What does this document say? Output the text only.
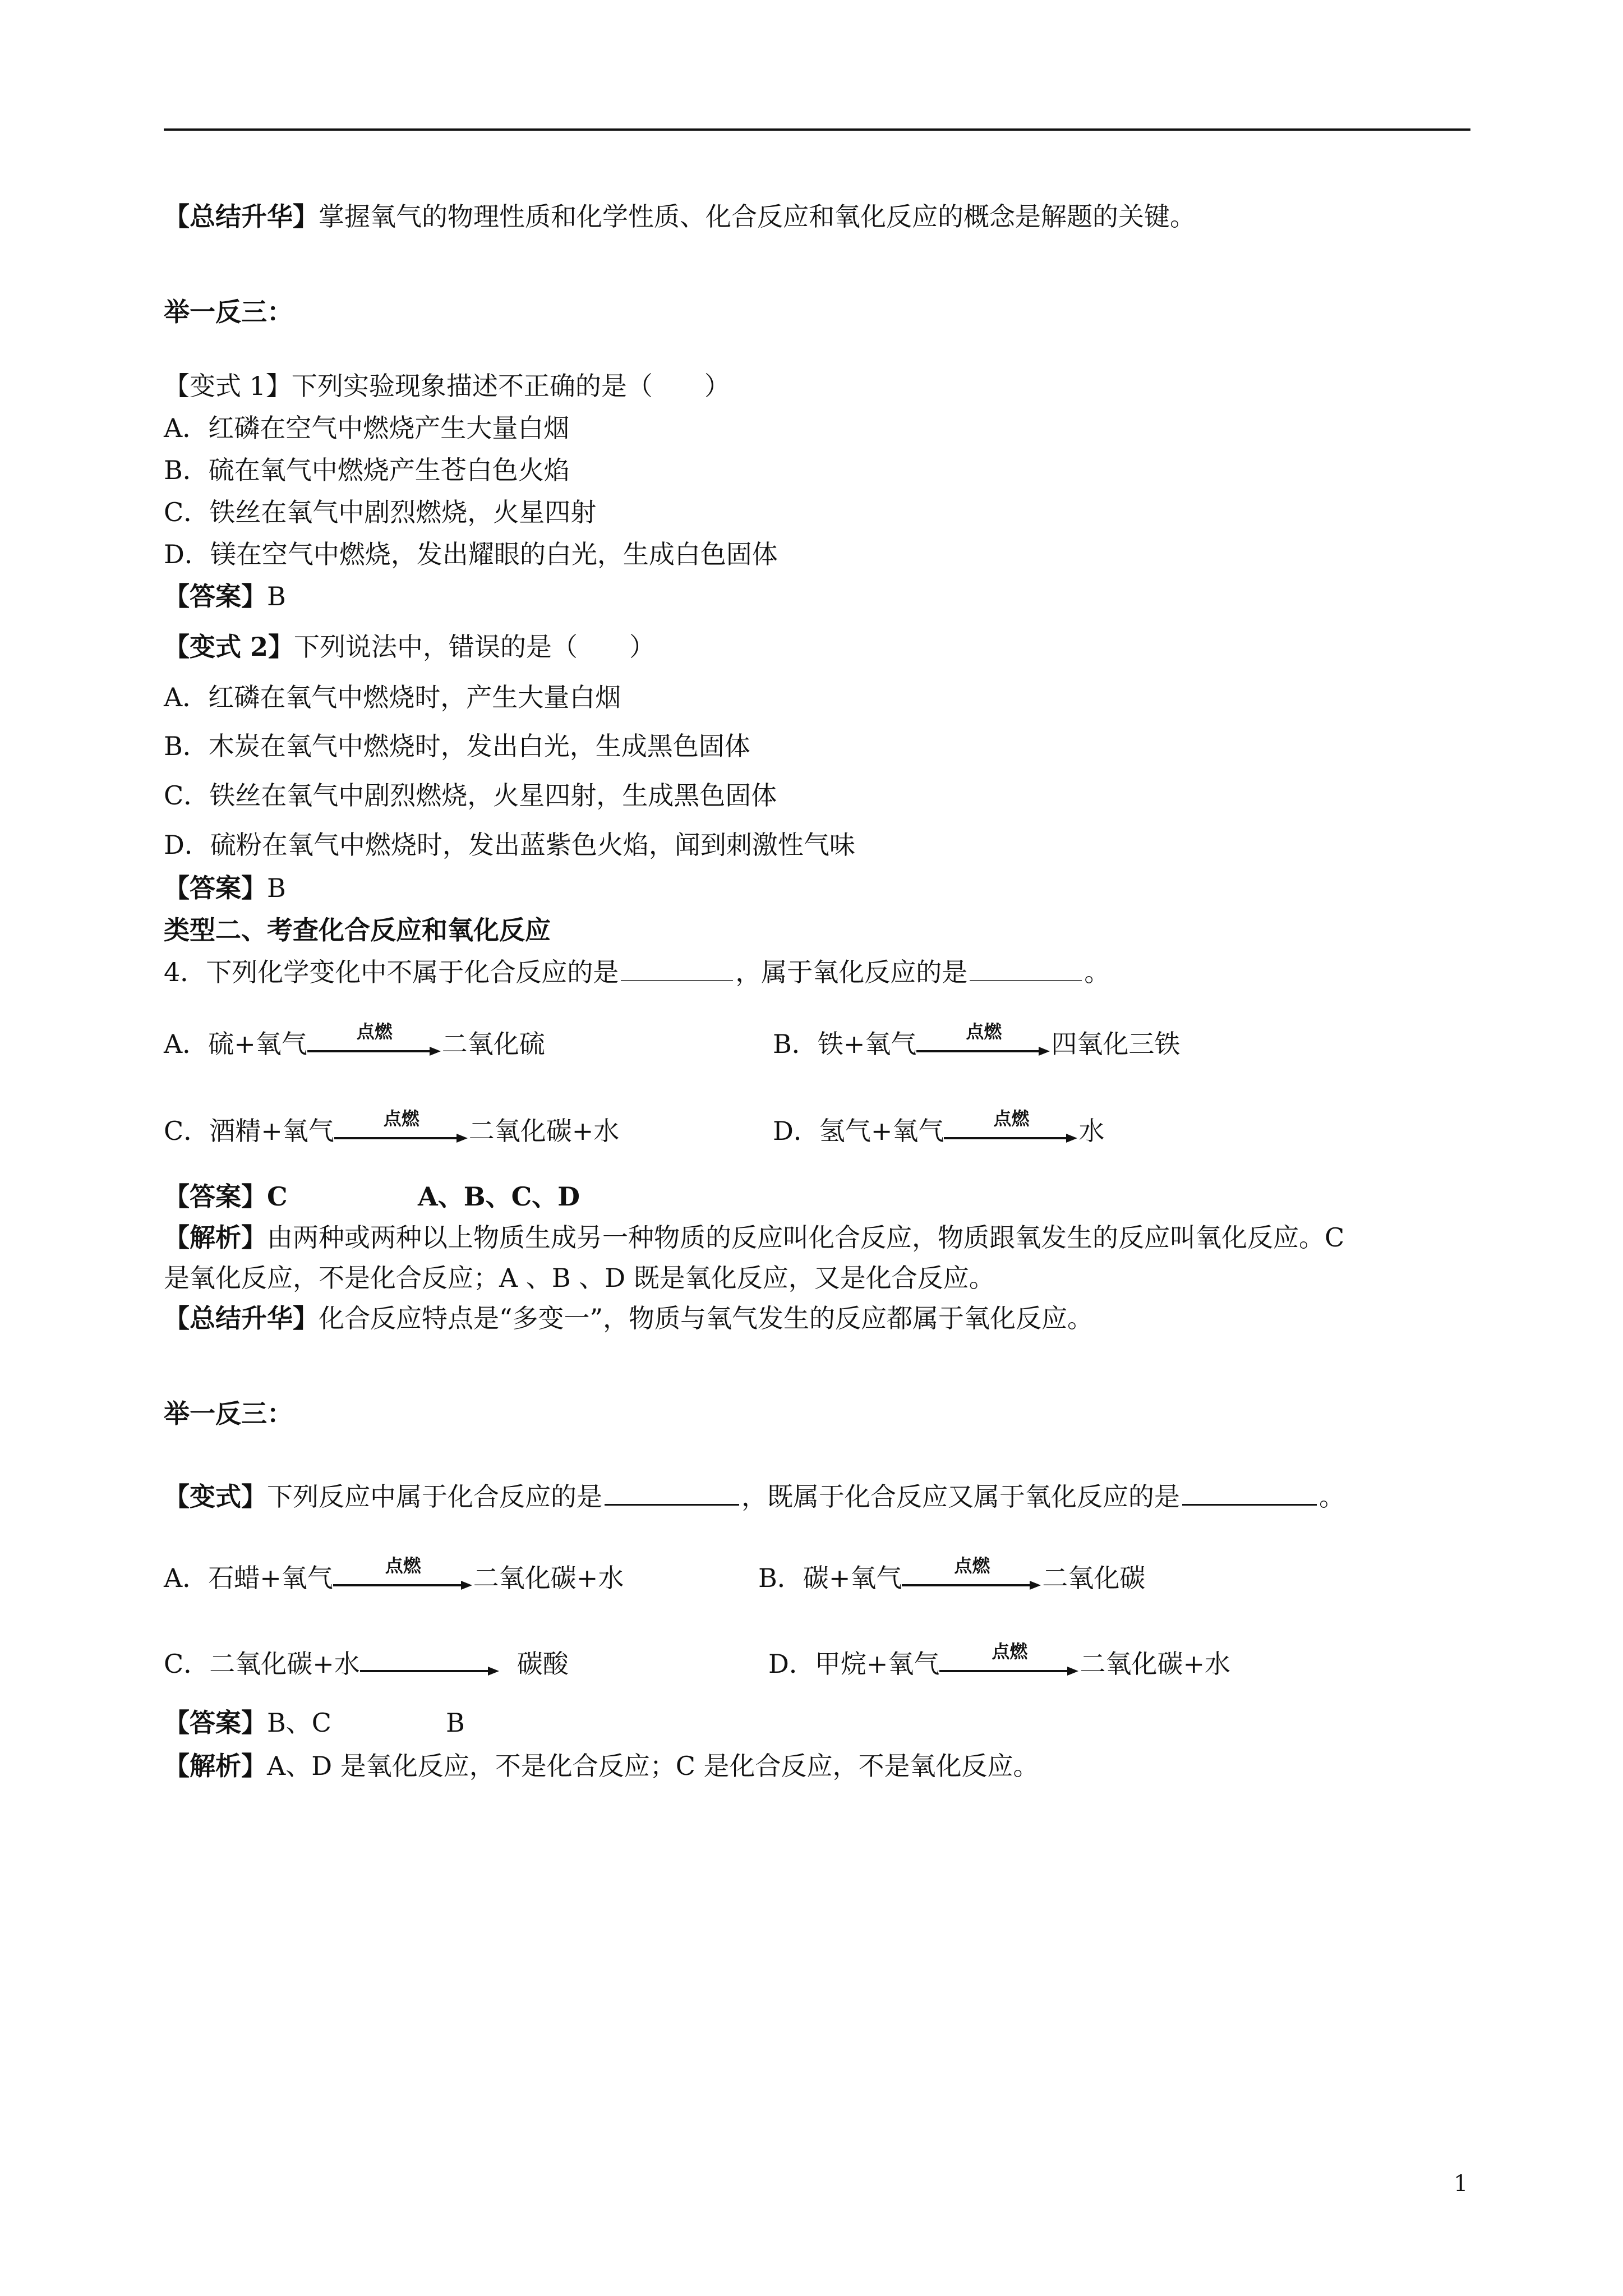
【总结升华】掌握氧气的物理性质和化学性质、化合反应和氧化反应的概念是解题的关键。
举一反三：
【变式 1】下列实验现象描述不正确的是（　　）
A．红磷在空气中燃烧产生大量白烟
B．硫在氧气中燃烧产生苍白色火焰
C．铁丝在氧气中剧烈燃烧，火星四射
D．镁在空气中燃烧，发出耀眼的白光，生成白色固体
【答案】B
【变式 2】下列说法中，错误的是（　　）
A．红磷在氧气中燃烧时，产生大量白烟
B．木炭在氧气中燃烧时，发出白光，生成黑色固体
C．铁丝在氧气中剧烈燃烧，火星四射，生成黑色固体
D．硫粉在氧气中燃烧时，发出蓝紫色火焰，闻到刺激性气味
【答案】B
类型二、考查化合反应和氧化反应
4．下列化学变化中不属于化合反应的是	，属于氧化反应的是	。
A．硫+氧气	点燃	二氧化硫	B．铁+氧气	点燃	四氧化三铁
C．酒精+氧气	点燃	二氧化碳+水	D．氢气+氧气	点燃	水
【答案】C	A、B、C、D
【解析】由两种或两种以上物质生成另一种物质的反应叫化合反应，物质跟氧发生的反应叫氧化反应。C
是氧化反应，不是化合反应；A 、B 、D 既是氧化反应，又是化合反应。
【总结升华】化合反应特点是“多变一”，物质与氧气发生的反应都属于氧化反应。
举一反三：
【变式】下列反应中属于化合反应的是	，既属于化合反应又属于氧化反应的是	。
A．石蜡+氧气	点燃	二氧化碳+水	B．碳+氧气	点燃	二氧化碳
C．二氧化碳+水	碳酸	D．甲烷+氧气	点燃	二氧化碳+水
【答案】B、C	B
【解析】A、D 是氧化反应，不是化合反应；C 是化合反应，不是氧化反应。
1
